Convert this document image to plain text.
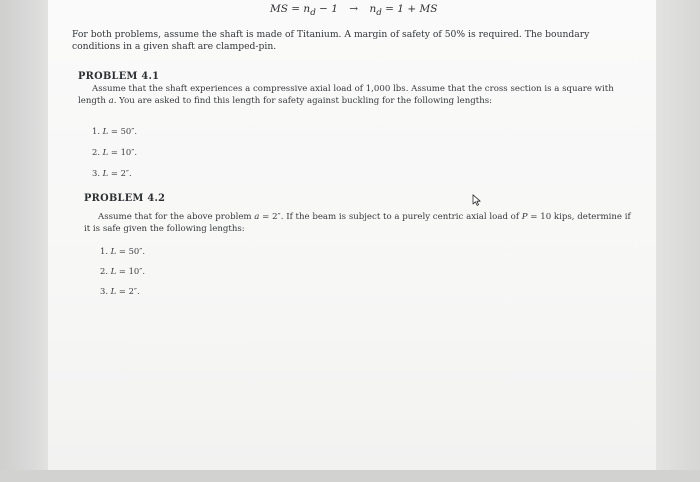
MS = $n_d - 1 \to n_d = 1$ + MS
For both problems, assume the shaft is made of Titanium. A margin of safety of 50% is required. The boundary conditions in a given shaft are clamped-pin.
PROBLEM 4.1
Assume that the shaft experiences a compressive axial load of 1,000 lbs. Assume that the cross section is a square with length a. You are asked to find this length for safety against buckling for the following lengths:
1. L = 50″.
2. L = 10″.
3. L = 2″.
PROBLEM 4.2
Assume that for the above problem a = 2″. If the beam is subject to a purely centric axial load of P = 10 kips, determine if it is safe given the following lengths:
1. L = 50″.
2. L = 10″.
3. L = 2″.
